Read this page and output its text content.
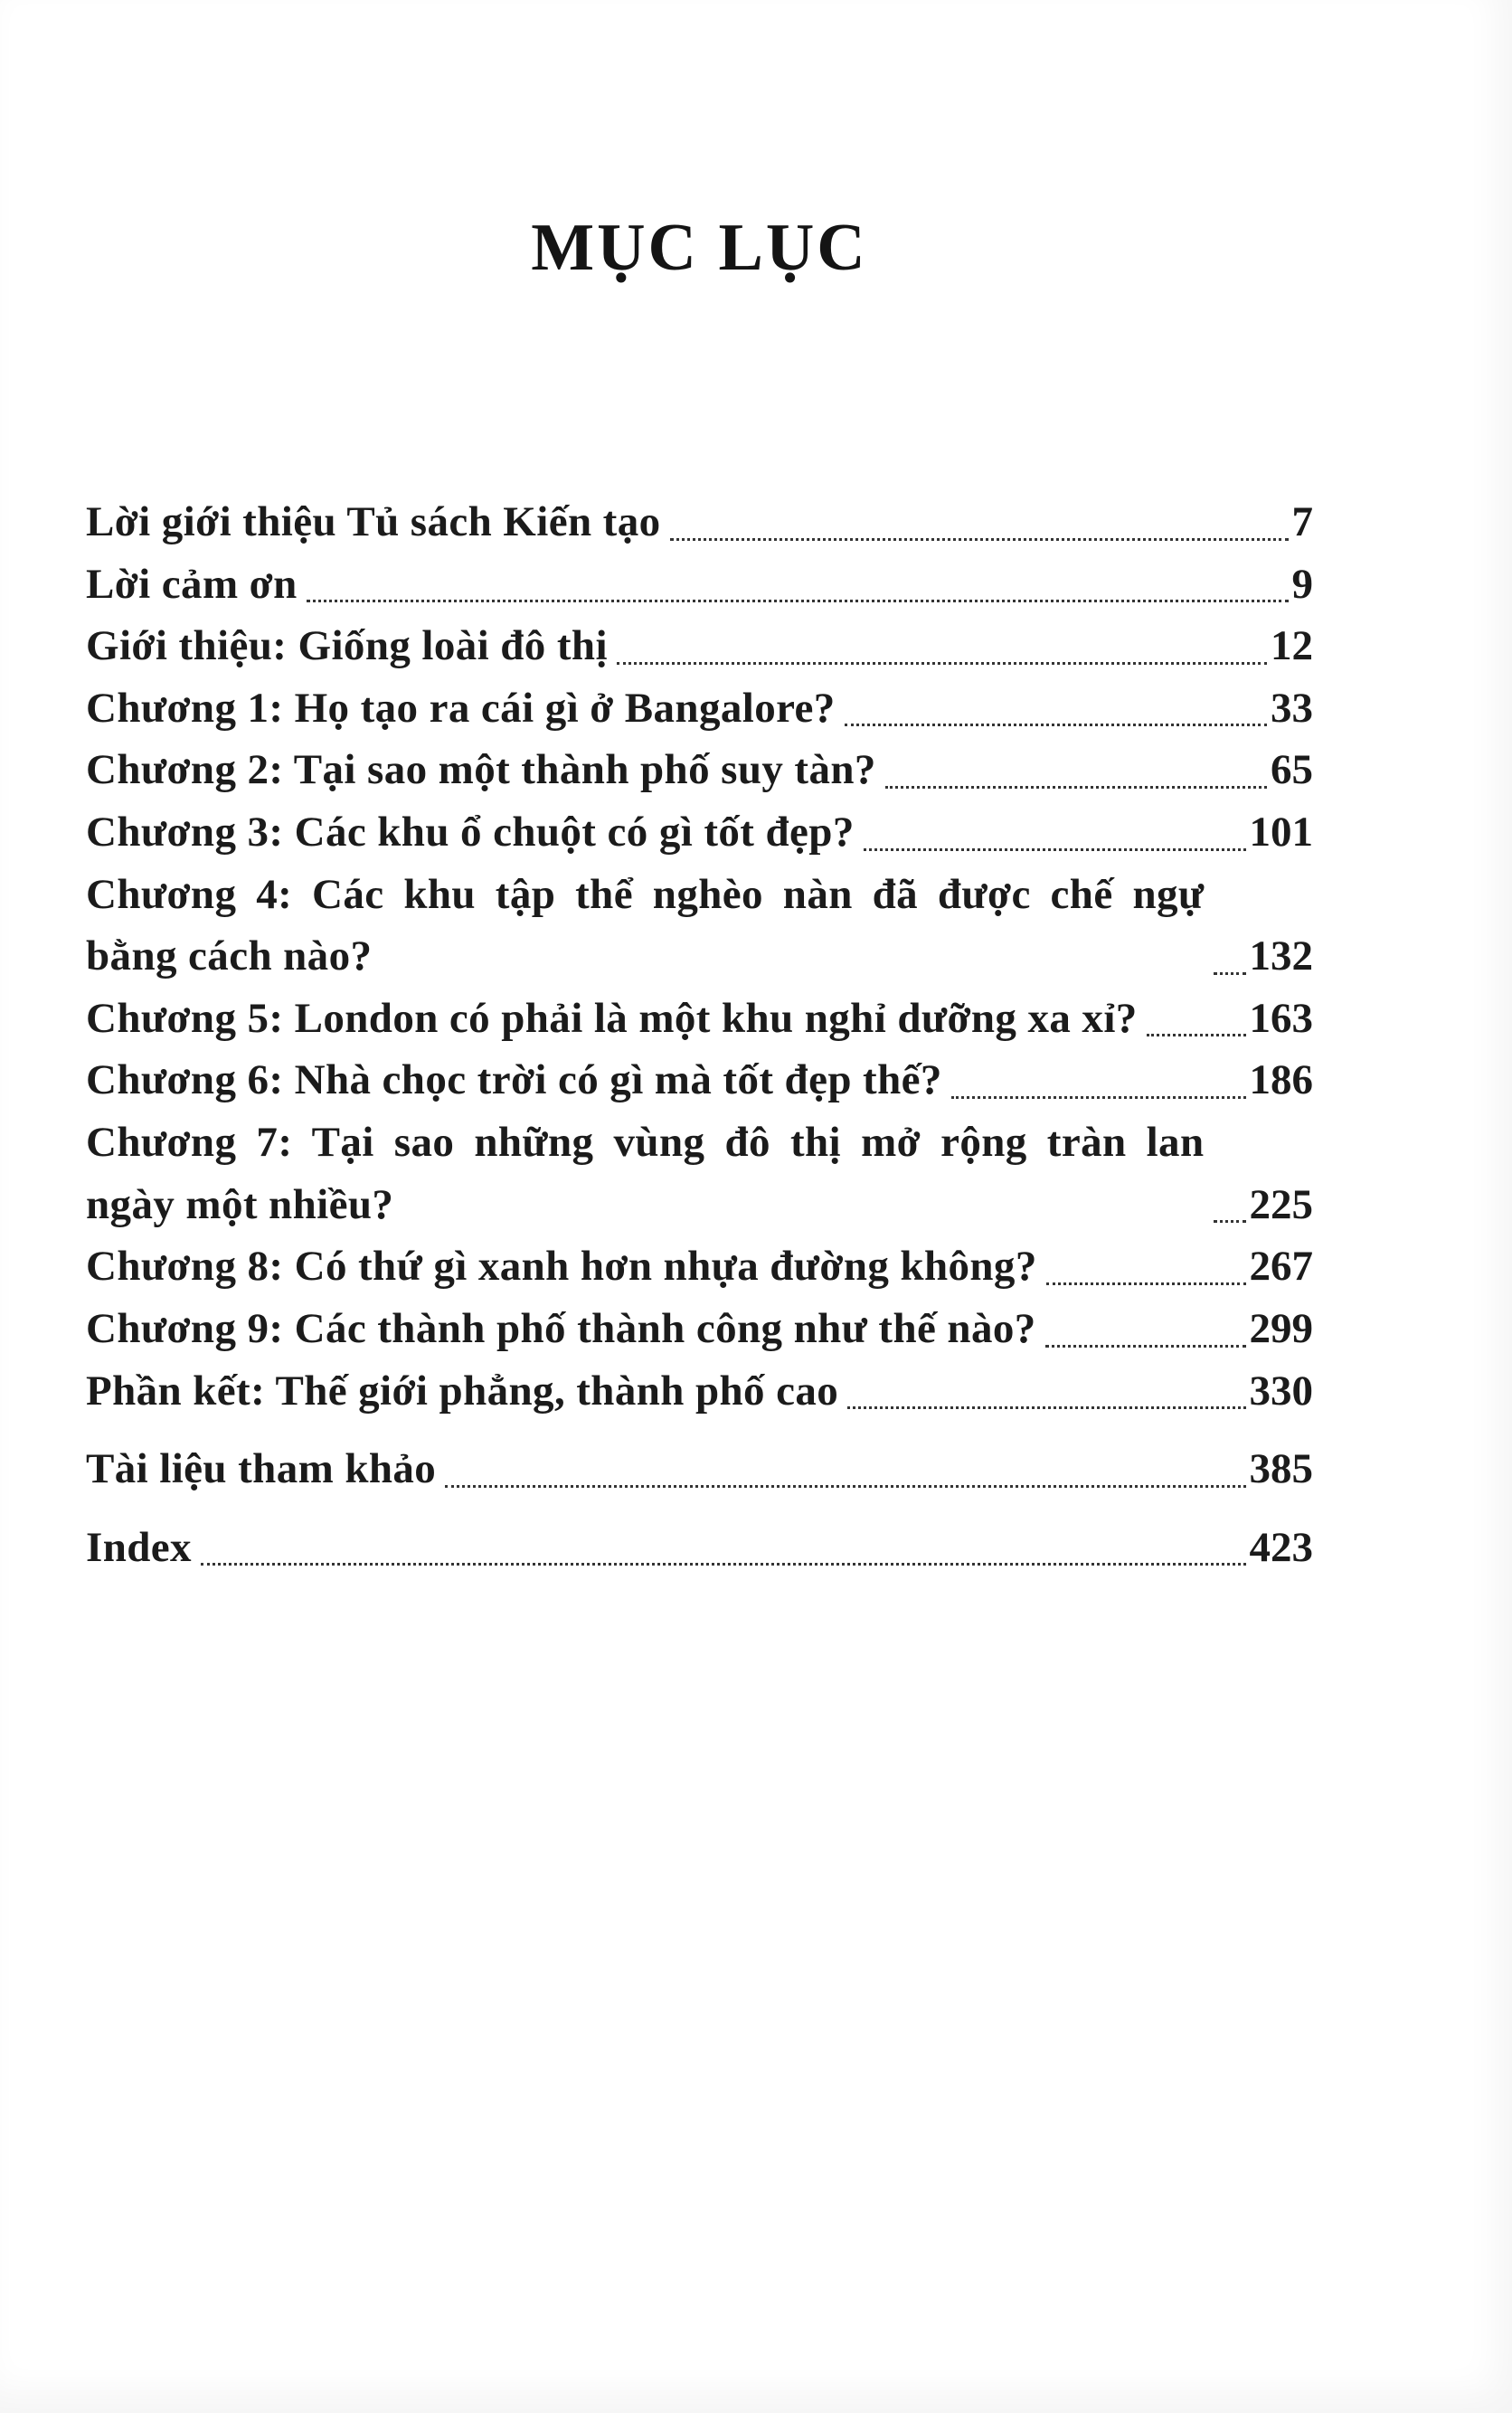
MỤC LỤC
Lời giới thiệu Tủ sách Kiến tạo	7
Lời cảm ơn	9
Giới thiệu: Giống loài đô thị	12
Chương 1: Họ tạo ra cái gì ở Bangalore?	33
Chương 2: Tại sao một thành phố suy tàn?	65
Chương 3: Các khu ổ chuột có gì tốt đẹp?	101
Chương 4: Các khu tập thể nghèo nàn đã được chế ngự bằng cách nào?	132
Chương 5: London có phải là một khu nghỉ dưỡng xa xỉ?	163
Chương 6: Nhà chọc trời có gì mà tốt đẹp thế?	186
Chương 7: Tại sao những vùng đô thị mở rộng tràn lan ngày một nhiều?	225
Chương 8: Có thứ gì xanh hơn nhựa đường không?	267
Chương 9: Các thành phố thành công như thế nào?	299
Phần kết: Thế giới phẳng, thành phố cao	330
Tài liệu tham khảo	385
Index	423
